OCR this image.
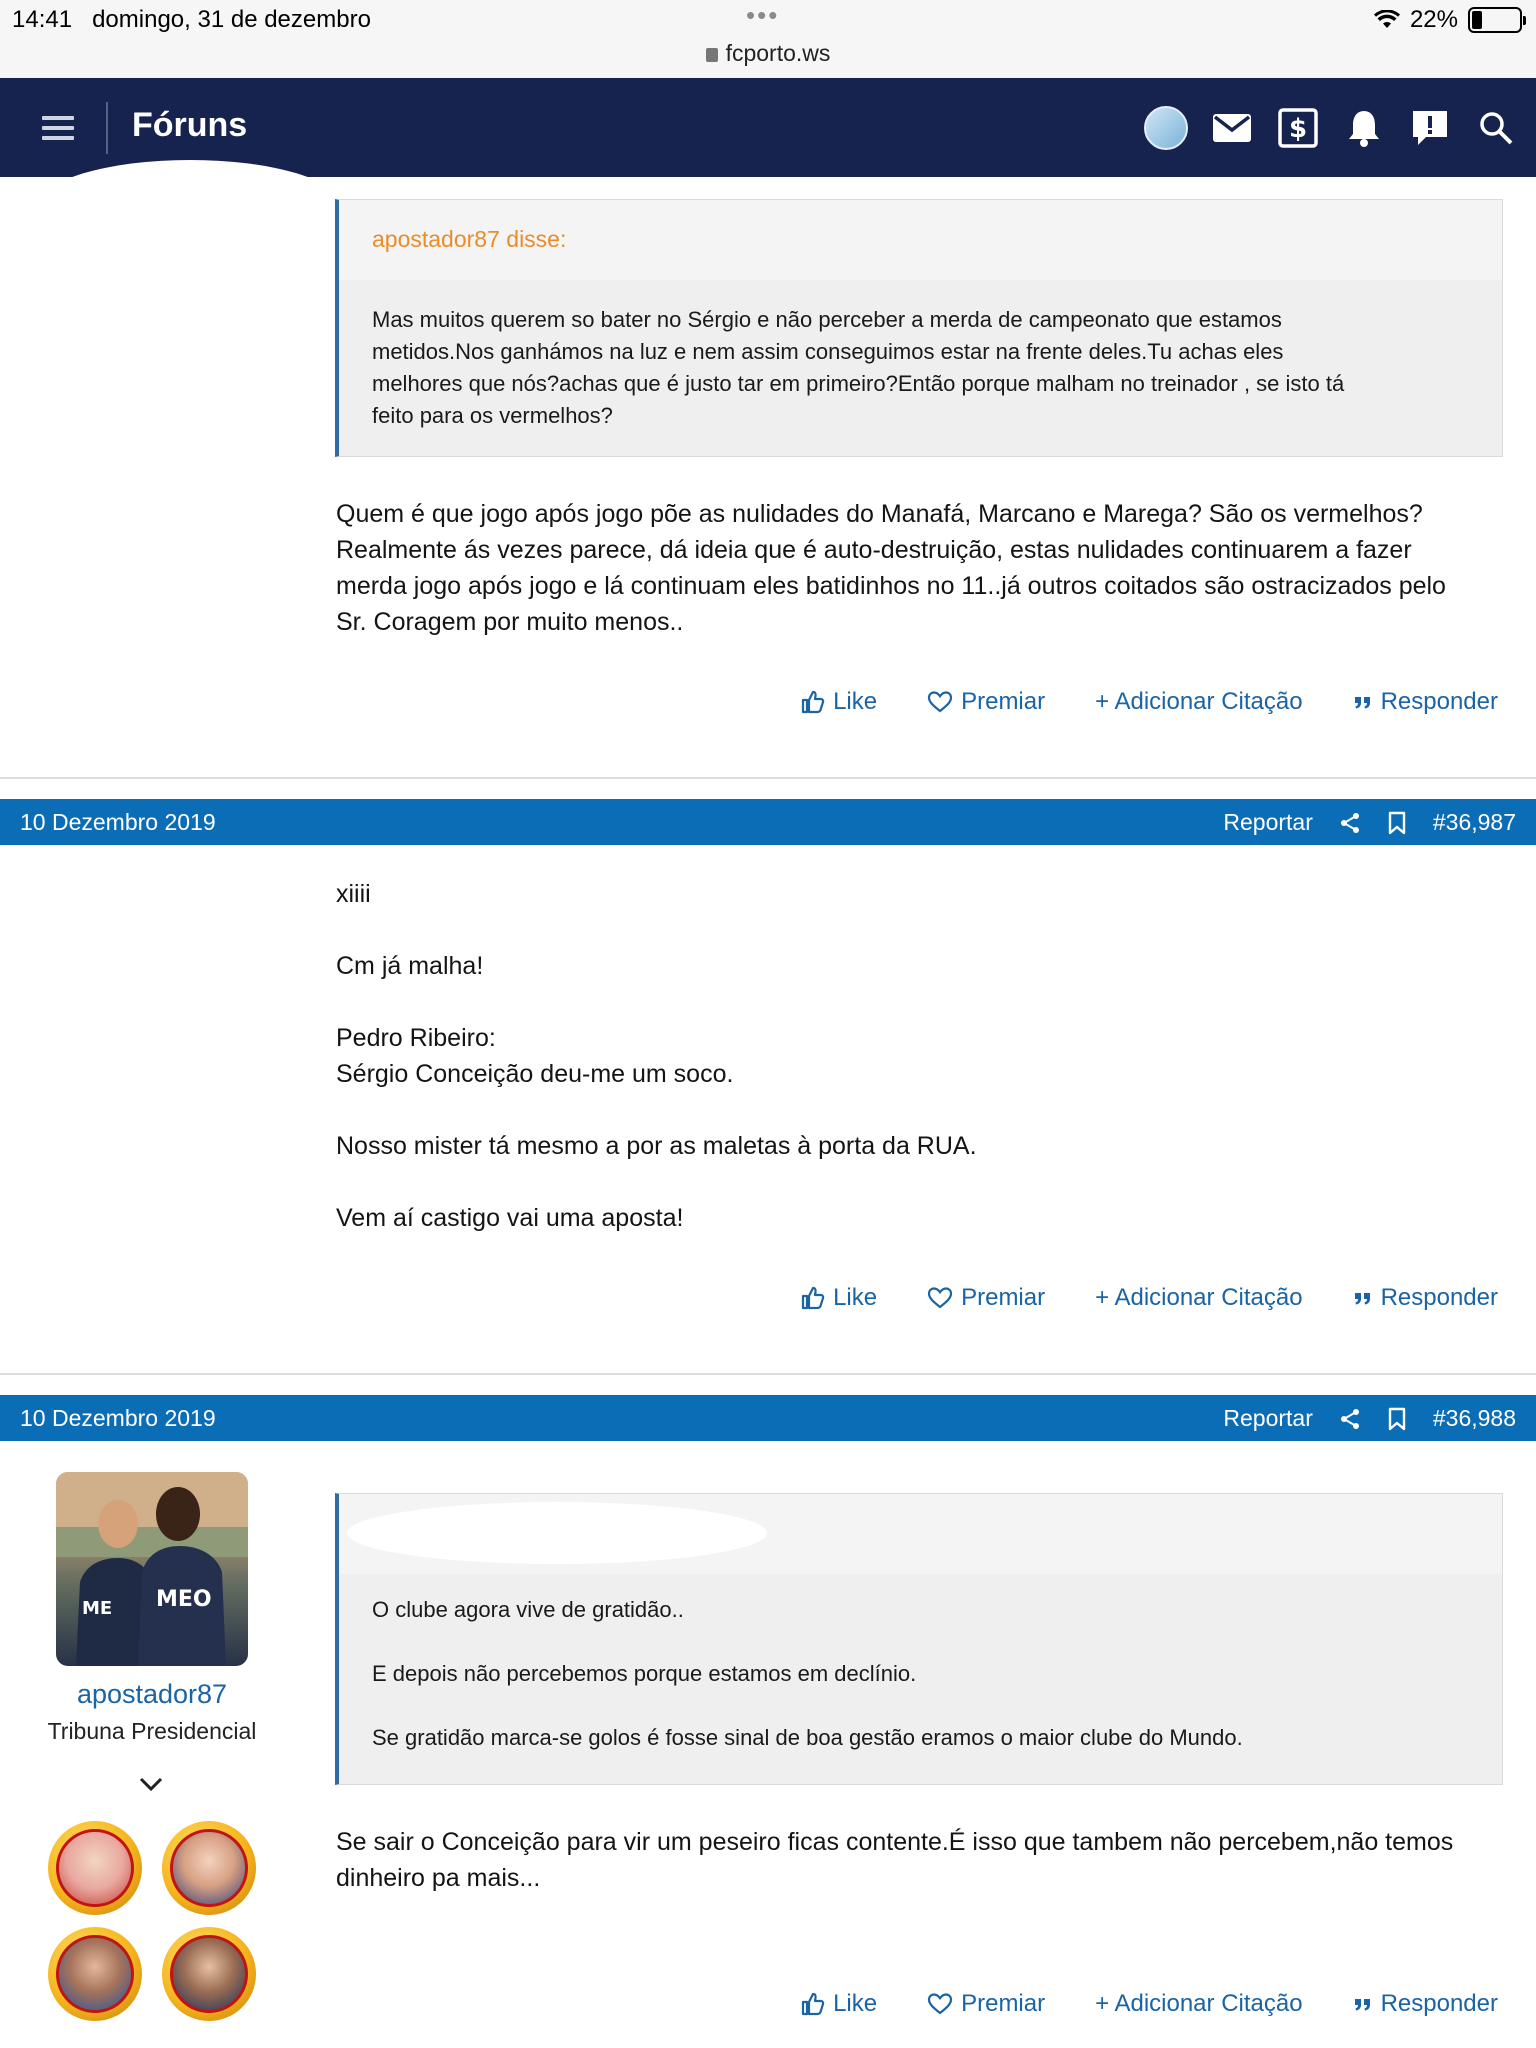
14:41 domingo, 31 de dezembro	•••
fcporto.ws
22%
Fóruns	$
apostador87 disse:

Mas muitos querem so bater no Sérgio e não perceber a merda de campeonato que estamos

metidos.Nos ganhámos na luz e nem assim conseguimos estar na frente deles.Tu achas eles

melhores que nós?achas que é justo tar em primeiro?Então porque malham no treinador , se isto tá

feito para os vermelhos?

Quem é que jogo após jogo põe as nulidades do Manafá, Marcano e Marega? São os vermelhos?
Realmente ás vezes parece, dá ideia que é auto-destruição, estas nulidades continuarem a fazer
merda jogo após jogo e lá continuam eles batidinhos no 11..já outros coitados são ostracizados pelo
Sr. Coragem por muito menos..
Like	Premiar + Adicionar Citação	Responder
10 Dezembro 2019	Reportar	#36,987
xiiii
Cm já malha!
Pedro Ribeiro:
Sérgio Conceição deu-me um soco.
Nosso mister tá mesmo a por as maletas à porta da RUA.
Vem aí castigo vai uma aposta!
Like	Premiar + Adicionar Citação	Responder
10 Dezembro 2019	Reportar	#36,988
MEO
ME
apostador87
Tribuna Presidencial

O clube agora vive de gratidão..

E depois não percebemos porque estamos em declínio.

Se gratidão marca-se golos é fosse sinal de boa gestão eramos o maior clube do Mundo.

Se sair o Conceição para vir um peseiro ficas contente.É isso que tambem não percebem,não temos
dinheiro pa mais...
Like	Premiar + Adicionar Citação	Responder
